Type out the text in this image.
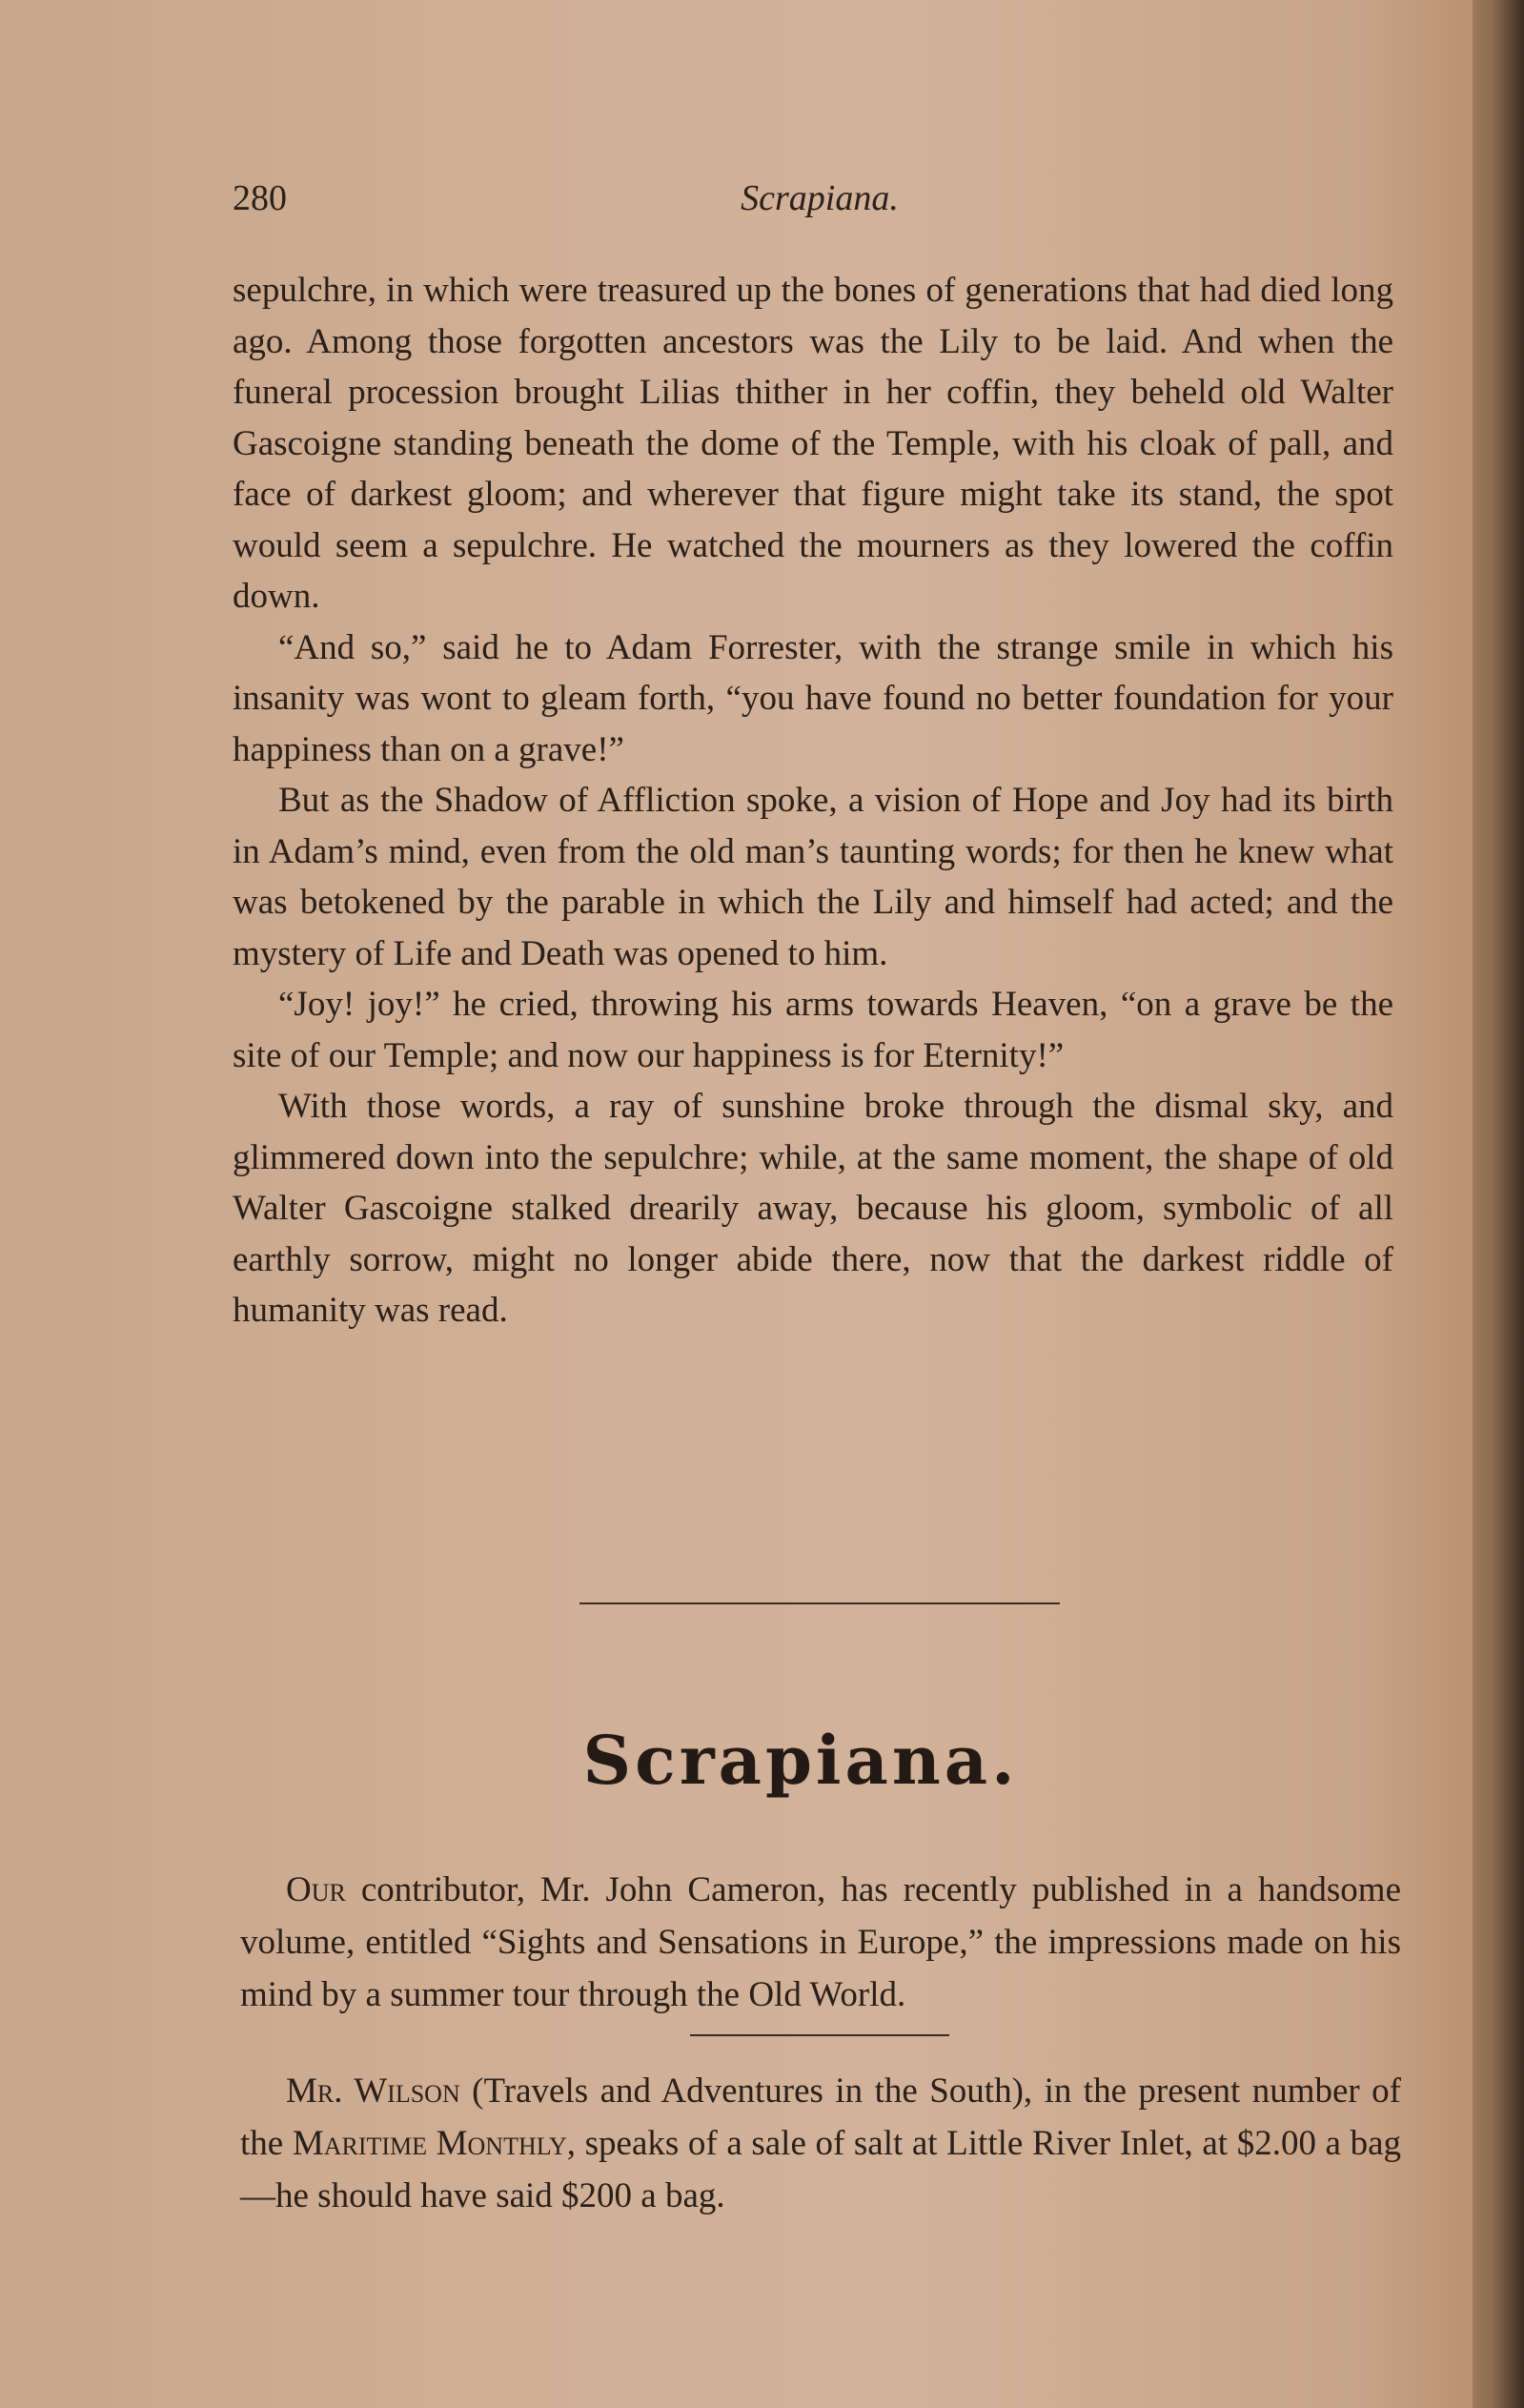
280	Scrapiana.

sepulchre, in which were treasured up the bones of generations that had died long ago. Among those forgotten ancestors was the Lily to be laid. And when the funeral procession brought Lilias thither in her coffin, they beheld old Walter Gascoigne standing beneath the dome of the Temple, with his cloak of pall, and face of darkest gloom; and wherever that figure might take its stand, the spot would seem a sepulchre. He watched the mourners as they lowered the coffin down.

“And so,” said he to Adam Forrester, with the strange smile in which his insanity was wont to gleam forth, “you have found no better foundation for your happiness than on a grave!”

But as the Shadow of Affliction spoke, a vision of Hope and Joy had its birth in Adam’s mind, even from the old man’s taunting words; for then he knew what was betokened by the parable in which the Lily and himself had acted; and the mystery of Life and Death was opened to him.

“Joy! joy!” he cried, throwing his arms towards Heaven, “on a grave be the site of our Temple; and now our happiness is for Eternity!”

With those words, a ray of sunshine broke through the dismal sky, and glimmered down into the sepulchre; while, at the same moment, the shape of old Walter Gascoigne stalked drearily away, because his gloom, symbolic of all earthly sorrow, might no longer abide there, now that the darkest riddle of humanity was read.

Scrapiana.

Our contributor, Mr. John Cameron, has recently published in a handsome volume, entitled “Sights and Sensations in Europe,” the impressions made on his mind by a summer tour through the Old World.

Mr. Wilson (Travels and Adventures in the South), in the present number of the Maritime Monthly, speaks of a sale of salt at Little River Inlet, at $2.00 a bag—he should have said $200 a bag.
